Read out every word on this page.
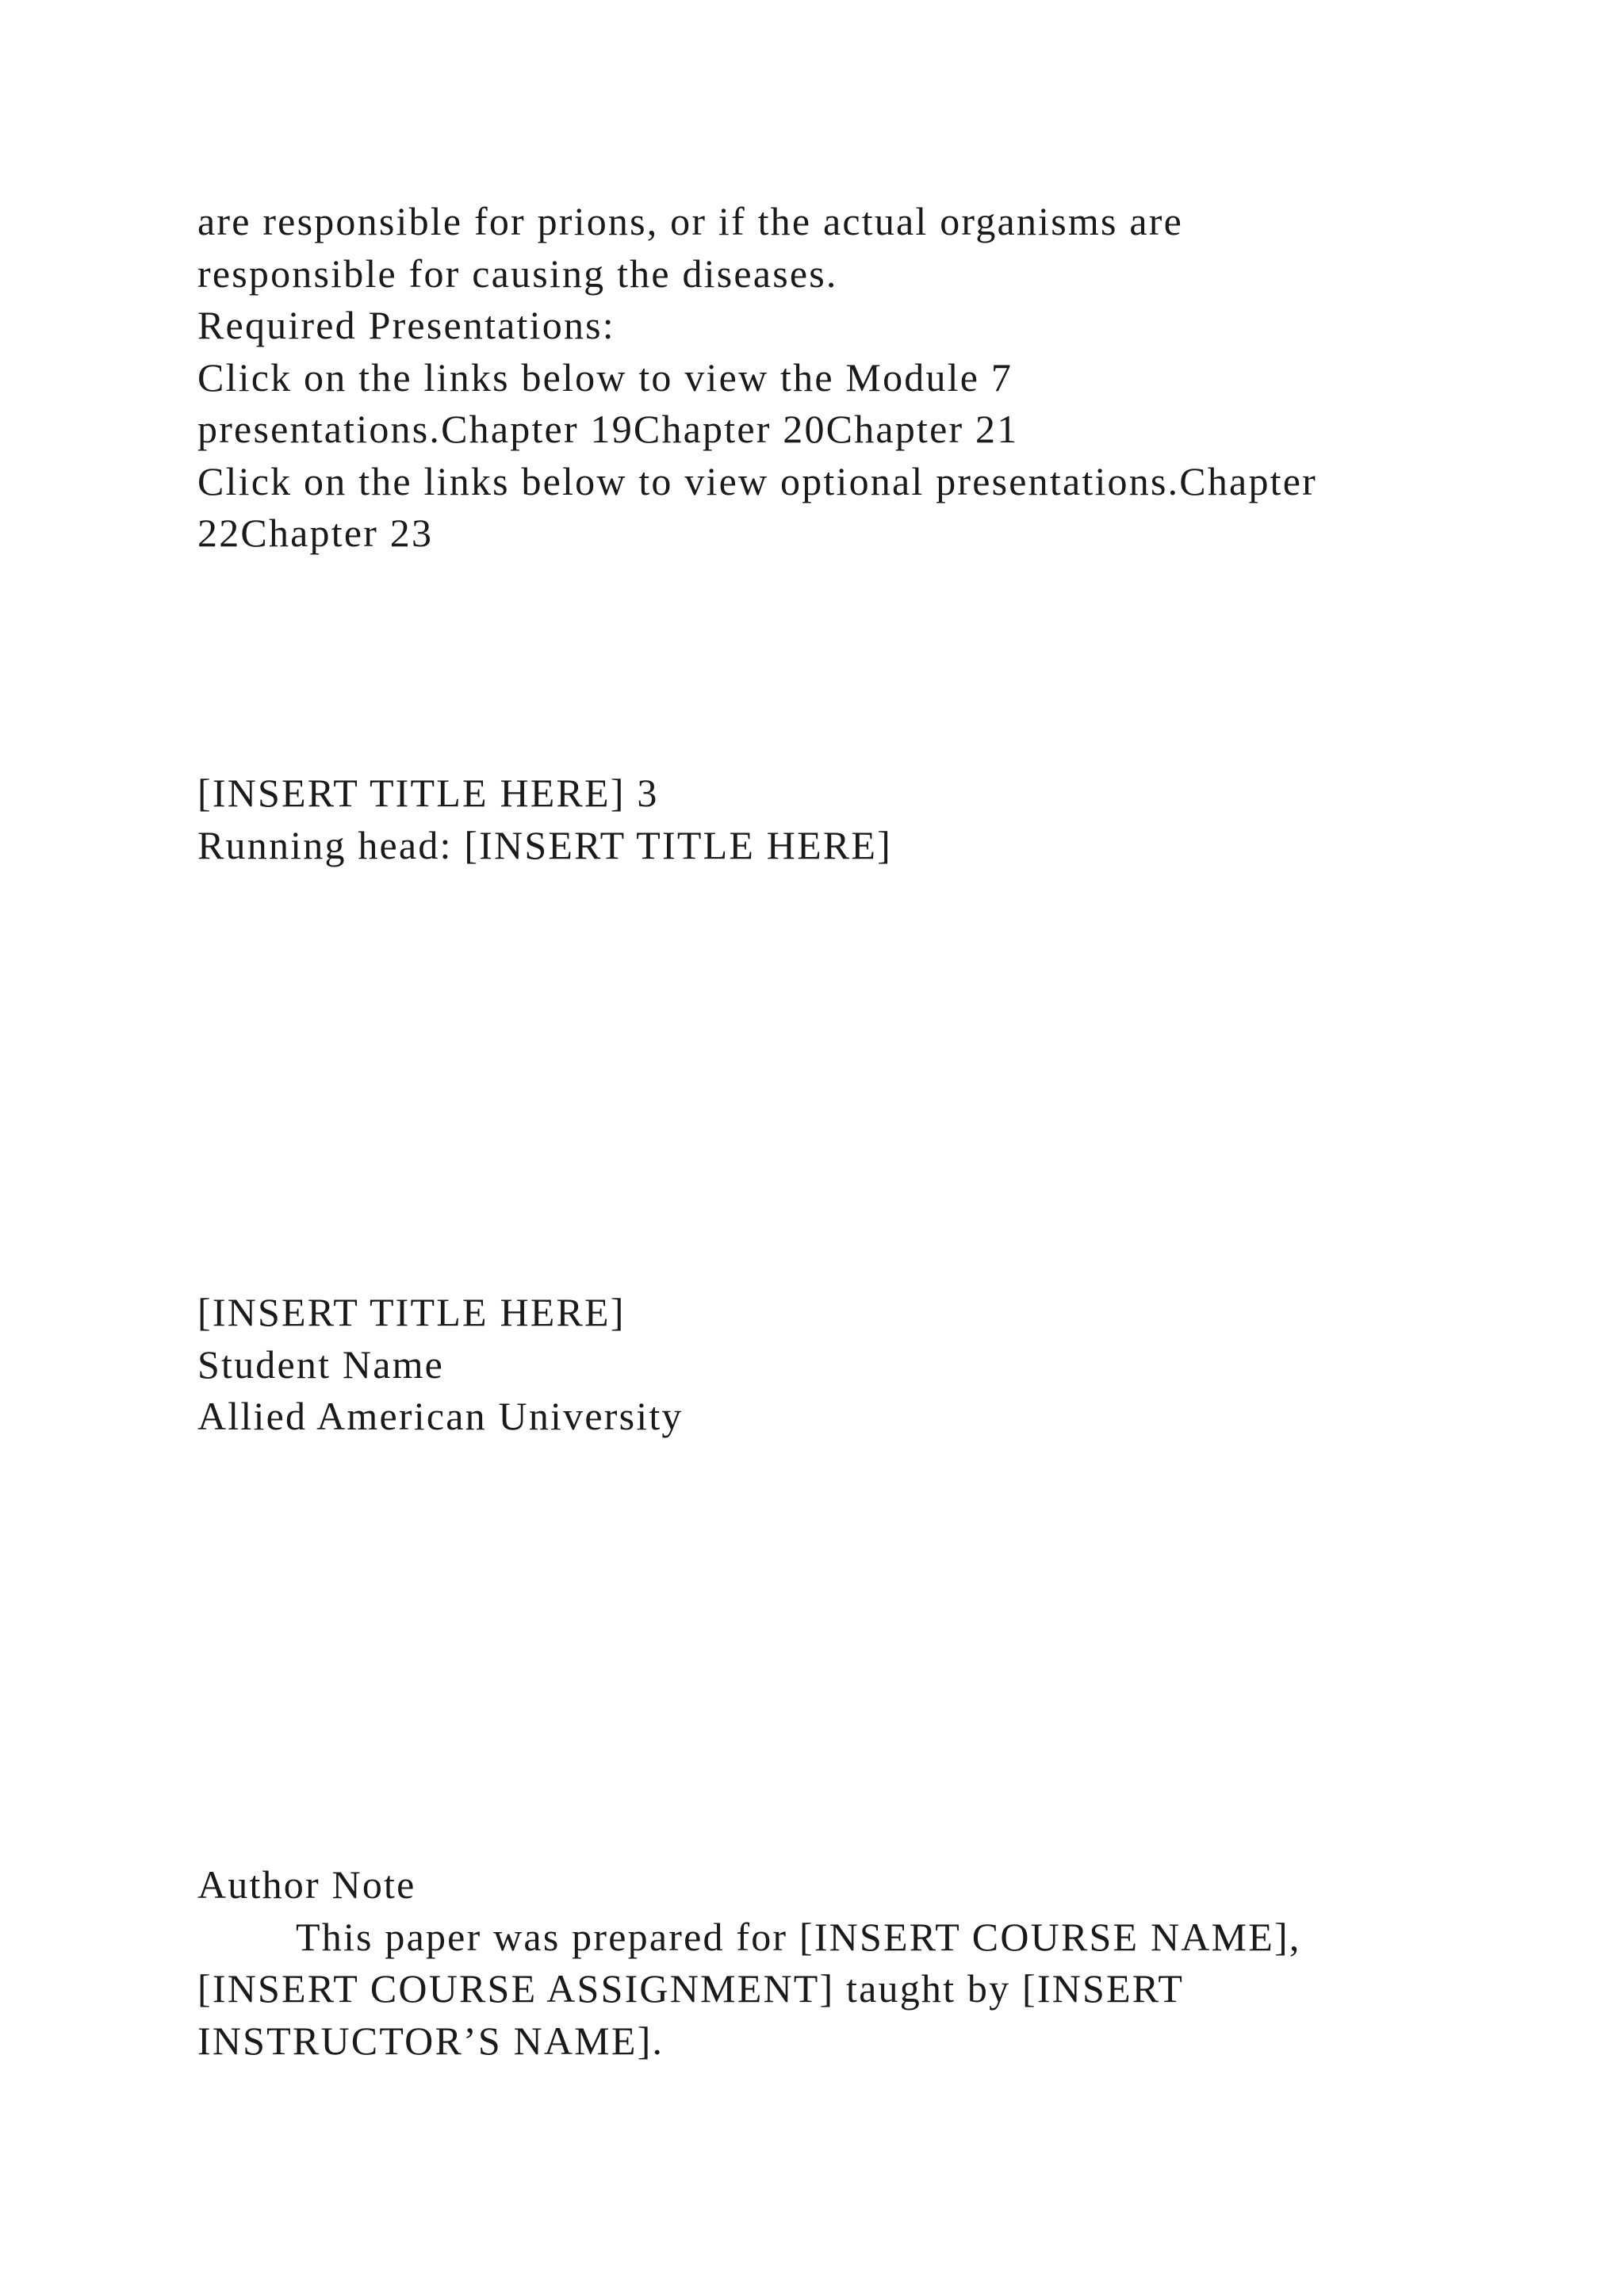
are responsible for prions, or if the actual organisms are

responsible for causing the diseases.

Required Presentations:

Click on the links below to view the Module 7

presentations.Chapter 19Chapter 20Chapter 21

Click on the links below to view optional presentations.Chapter

22Chapter 23

[INSERT TITLE HERE] 3

Running head: [INSERT TITLE HERE]

[INSERT TITLE HERE]

Student Name

Allied American University

Author Note

This paper was prepared for [INSERT COURSE NAME],

[INSERT COURSE ASSIGNMENT] taught by [INSERT

INSTRUCTOR’S NAME].
